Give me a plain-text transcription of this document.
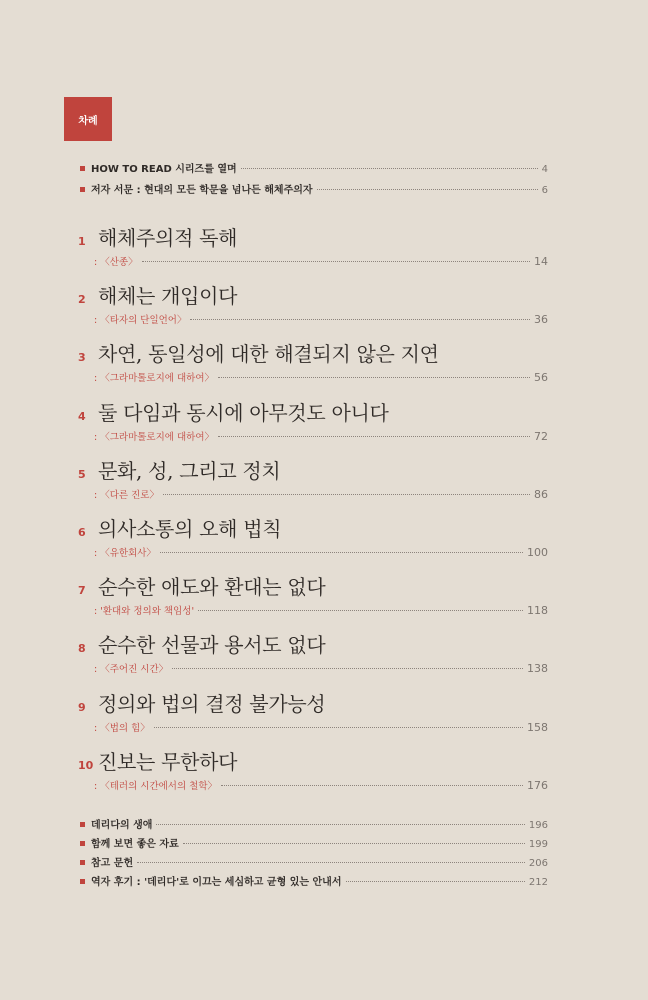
차례
HOW TO READ 시리즈를 열며	4
저자 서문 : 현대의 모든 학문을 넘나든 해체주의자	6
1 해체주의적 독해
: 〈산종〉	14
2 해체는 개입이다
: 〈타자의 단일언어〉	36
3 차연, 동일성에 대한 해결되지 않은 지연
: 〈그라마톨로지에 대하여〉	56
4 둘 다임과 동시에 아무것도 아니다
: 〈그라마톨로지에 대하여〉	72
5 문화, 성, 그리고 정치
: 〈다른 진로〉	86
6 의사소통의 오해 법칙
: 〈유한회사〉	100
7 순수한 애도와 환대는 없다
: '환대와 정의와 책임성'	118
8 순수한 선물과 용서도 없다
: 〈주어진 시간〉	138
9 정의와 법의 결정 불가능성
: 〈법의 힘〉	158
10 진보는 무한하다
: 〈테러의 시간에서의 철학〉	176
데리다의 생애	196
함께 보면 좋은 자료	199
참고 문헌	206
역자 후기 : '데리다'로 이끄는 세심하고 균형 있는 안내서	212
